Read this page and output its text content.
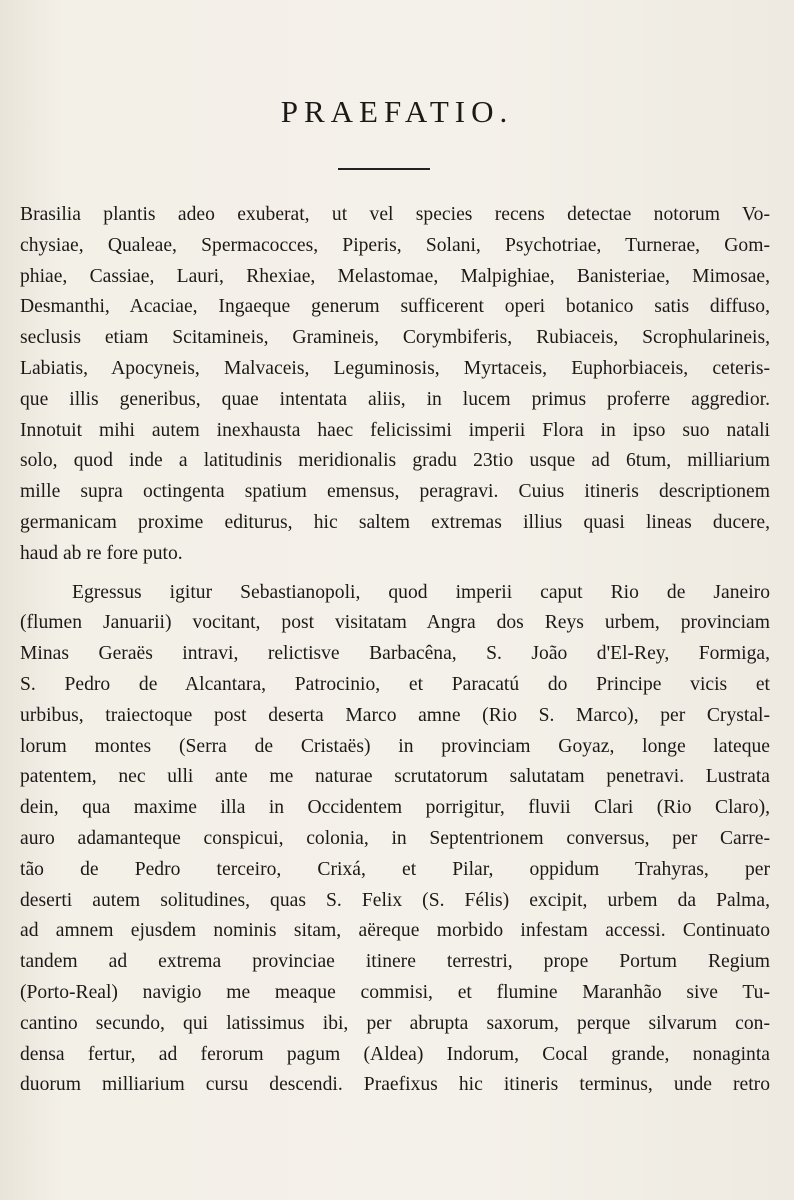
PRAEFATIO.
Brasilia plantis adeo exuberat, ut vel species recens detectae notorum Vo-
chysiae, Qualeae, Spermacocces, Piperis, Solani, Psychotriae, Turnerae, Gom-
phiae, Cassiae, Lauri, Rhexiae, Melastomae, Malpighiae, Banisteriae, Mimosae,
Desmanthi, Acaciae, Ingaeque generum sufficerent operi botanico satis diffuso,
seclusis etiam Scitamineis, Gramineis, Corymbiferis, Rubiaceis, Scrophularineis,
Labiatis, Apocyneis, Malvaceis, Leguminosis, Myrtaceis, Euphorbiaceis, ceteris-
que illis generibus, quae intentata aliis, in lucem primus proferre aggredior.
Innotuit mihi autem inexhausta haec felicissimi imperii Flora in ipso suo natali
solo, quod inde a latitudinis meridionalis gradu 23tio usque ad 6tum, milliarium
mille supra octingenta spatium emensus, peragravi. Cuius itineris descriptionem
germanicam proxime editurus, hic saltem extremas illius quasi lineas ducere,
haud ab re fore puto.
Egressus igitur Sebastianopoli, quod imperii caput Rio de Janeiro
(flumen Januarii) vocitant, post visitatam Angra dos Reys urbem, provinciam
Minas Geraës intravi, relictisve Barbacêna, S. João d'El-Rey, Formiga,
S. Pedro de Alcantara, Patrocinio, et Paracatú do Principe vicis et
urbibus, traiectoque post deserta Marco amne (Rio S. Marco), per Crystal-
lorum montes (Serra de Cristaës) in provinciam Goyaz, longe lateque
patentem, nec ulli ante me naturae scrutatorum salutatam penetravi. Lustrata
dein, qua maxime illa in Occidentem porrigitur, fluvii Clari (Rio Claro),
auro adamanteque conspicui, colonia, in Septentrionem conversus, per Carre-
tão de Pedro terceiro, Crixá, et Pilar, oppidum Trahyras, per
deserti autem solitudines, quas S. Felix (S. Félis) excipit, urbem da Palma,
ad amnem ejusdem nominis sitam, aëreque morbido infestam accessi. Continuato
tandem ad extrema provinciae itinere terrestri, prope Portum Regium
(Porto-Real) navigio me meaque commisi, et flumine Maranhão sive Tu-
cantino secundo, qui latissimus ibi, per abrupta saxorum, perque silvarum con-
densa fertur, ad ferorum pagum (Aldea) Indorum, Cocal grande, nonaginta
duorum milliarium cursu descendi. Praefixus hic itineris terminus, unde retro
